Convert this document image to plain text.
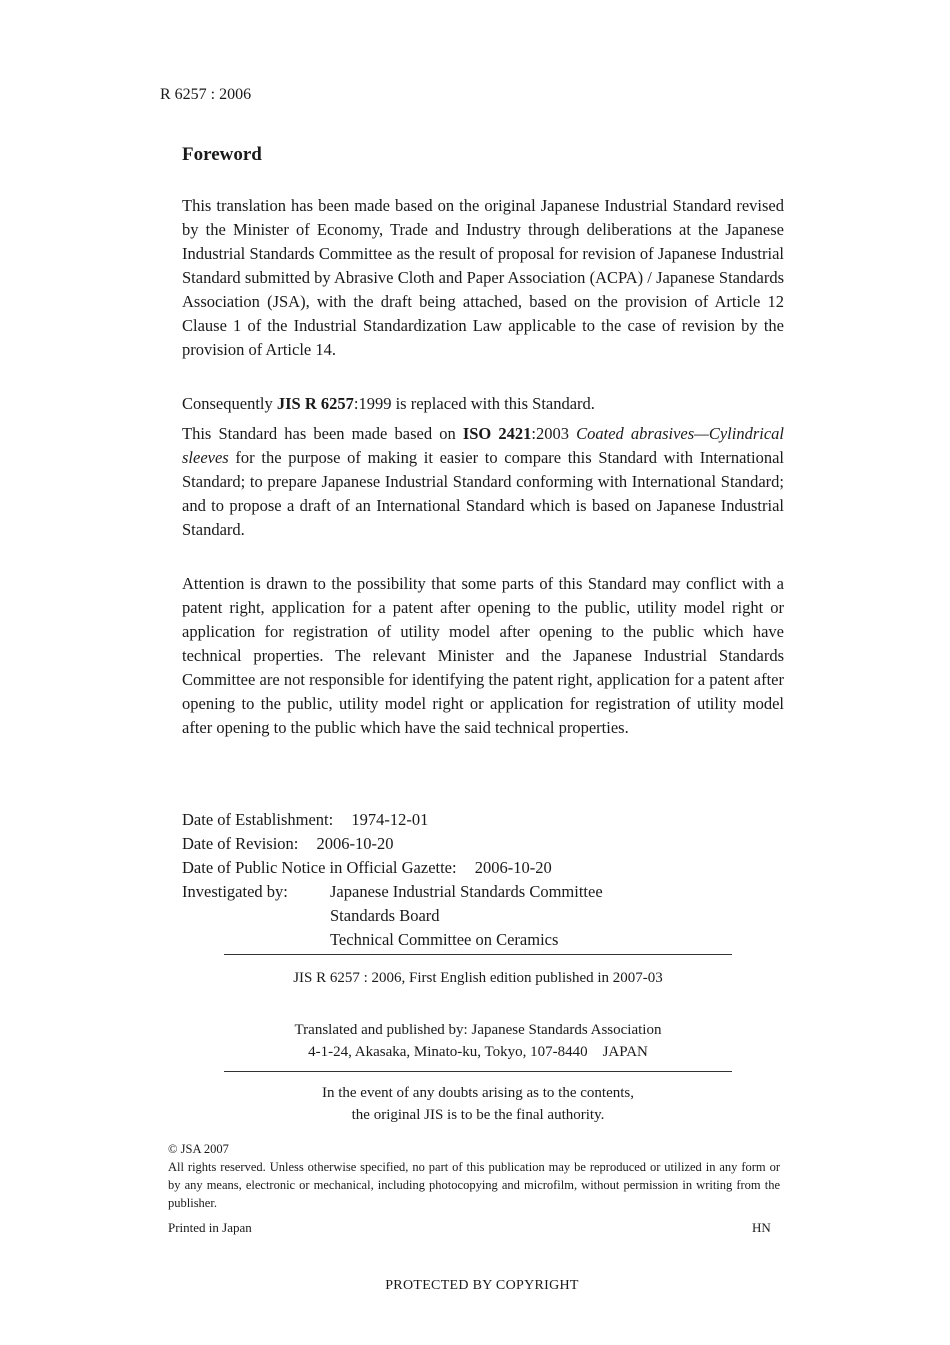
R 6257 : 2006
Foreword

This translation has been made based on the original Japanese Industrial Standard revised by the Minister of Economy, Trade and Industry through deliberations at the Japanese Industrial Standards Committee as the result of proposal for revision of Japanese Industrial Standard submitted by Abrasive Cloth and Paper Association (ACPA) / Japanese Standards Association (JSA), with the draft being attached, based on the provision of Article 12 Clause 1 of the Industrial Standardization Law applicable to the case of revision by the provision of Article 14.

Consequently JIS R 6257:1999 is replaced with this Standard.

This Standard has been made based on ISO 2421:2003 Coated abrasives—Cylindrical sleeves for the purpose of making it easier to compare this Standard with International Standard; to prepare Japanese Industrial Standard conforming with International Standard; and to propose a draft of an International Standard which is based on Japanese Industrial Standard.

Attention is drawn to the possibility that some parts of this Standard may conflict with a patent right, application for a patent after opening to the public, utility model right or application for registration of utility model after opening to the public which have technical properties. The relevant Minister and the Japanese Industrial Standards Committee are not responsible for identifying the patent right, application for a patent after opening to the public, utility model right or application for registration of utility model after opening to the public which have the said technical properties.

Date of Establishment: 1974-12-01
Date of Revision: 2006-10-20
Date of Public Notice in Official Gazette: 2006-10-20
Investigated by:	Japanese Industrial Standards Committee
Standards Board
Technical Committee on Ceramics
JIS R 6257 : 2006, First English edition published in 2007-03
Translated and published by: Japanese Standards Association
4-1-24, Akasaka, Minato-ku, Tokyo, 107-8440    JAPAN
In the event of any doubts arising as to the contents,
the original JIS is to be the final authority.
© JSA 2007
All rights reserved. Unless otherwise specified, no part of this publication may be reproduced or utilized in any form or by any means, electronic or mechanical, including photocopying and microfilm, without permission in writing from the publisher.
Printed in Japan	HN
PROTECTED BY COPYRIGHT
